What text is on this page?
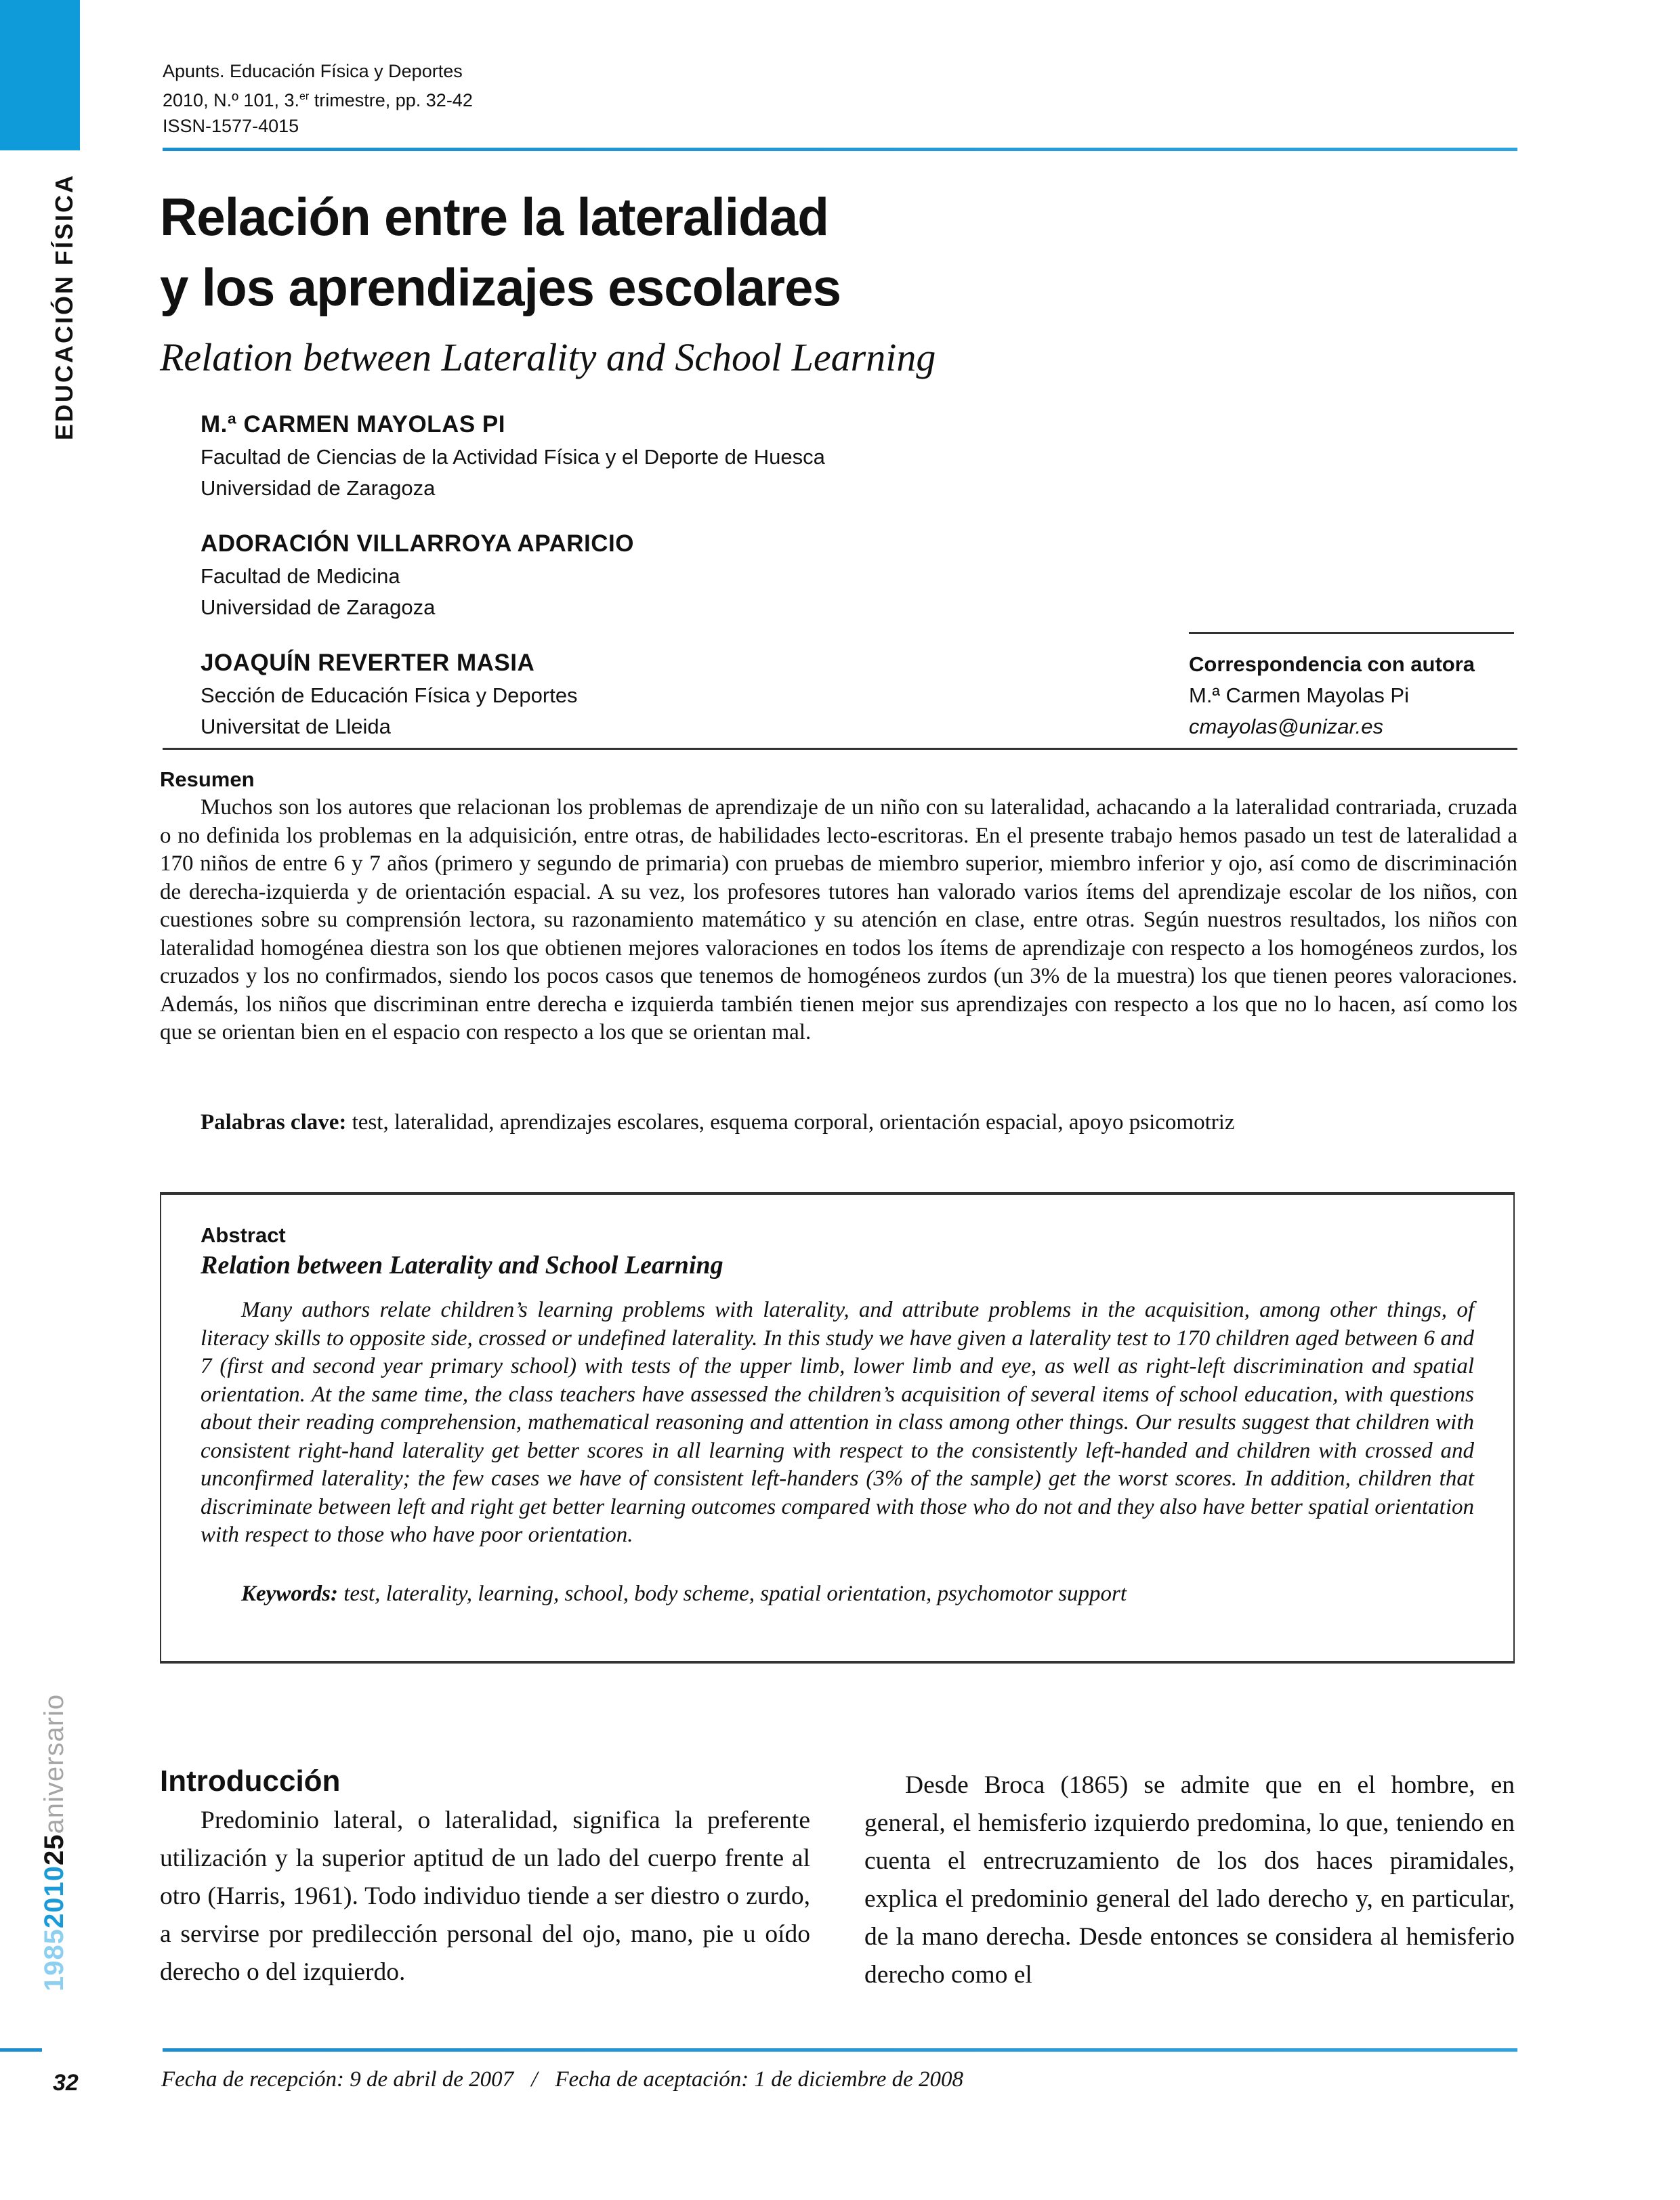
Apunts. Educación Física y Deportes
2010, N.º 101, 3.$^{er}$ trimestre, pp. 32-42
ISSN-1577-4015
EDUCACIÓN FÍSICA Relación entre la lateralidad
y los aprendizajes escolares
Relation between Laterality and School Learning
M.ª CARMEN MAYOLAS PI
Facultad de Ciencias de la Actividad Física y el Deporte de Huesca
Universidad de Zaragoza
ADORACIÓN VILLARROYA APARICIO
Facultad de Medicina
Universidad de Zaragoza
JOAQUÍN REVERTER MASIA
Sección de Educación Física y Deportes
Universitat de Lleida
Correspondencia con autora
M.ª Carmen Mayolas Pi
cmayolas@unizar.es
Resumen

Muchos son los autores que relacionan los problemas de aprendizaje de un niño con su lateralidad, achacando a la lateralidad contrariada, cruzada o no definida los problemas en la adquisición, entre otras, de habilidades lecto-escritoras. En el presente trabajo hemos pasado un test de lateralidad a 170 niños de entre 6 y 7 años (primero y segundo de primaria) con pruebas de miembro superior, miembro inferior y ojo, así como de discriminación de derecha-izquierda y de orientación espacial. A su vez, los profesores tutores han valorado varios ítems del aprendizaje escolar de los niños, con cuestiones sobre su comprensión lectora, su razonamiento matemático y su atención en clase, entre otras. Según nuestros resultados, los niños con lateralidad homogénea diestra son los que obtienen mejores valoraciones en todos los ítems de aprendizaje con respecto a los homogéneos zurdos, los cruzados y los no confirmados, siendo los pocos casos que tenemos de homogéneos zurdos (un 3% de la muestra) los que tienen peores valoraciones. Además, los niños que discriminan entre derecha e izquierda también tienen mejor sus aprendizajes con respecto a los que no lo hacen, así como los que se orientan bien en el espacio con respecto a los que se orientan mal.

Palabras clave: test, lateralidad, aprendizajes escolares, esquema corporal, orientación espacial, apoyo psicomotriz
Abstract
Relation between Laterality and School Learning

Many authors relate children’s learning problems with laterality, and attribute problems in the acquisition, among other things, of literacy skills to opposite side, crossed or undefined laterality. In this study we have given a laterality test to 170 children aged between 6 and 7 (first and second year primary school) with tests of the upper limb, lower limb and eye, as well as right-left discrimination and spatial orientation. At the same time, the class teachers have assessed the children’s acquisition of several items of school education, with questions about their reading comprehension, mathematical reasoning and attention in class among other things. Our results suggest that children with consistent right-hand laterality get better scores in all learning with respect to the consistently left-handed and children with crossed and unconfirmed laterality; the few cases we have of consistent left-handers (3% of the sample) get the worst scores. In addition, children that discriminate between left and right get better learning outcomes compared with those who do not and they also have better spatial orientation with respect to those who have poor orientation.

Keywords: test, laterality, learning, school, body scheme, spatial orientation, psychomotor support
1985201025aniversario	Introducción

Predominio lateral, o lateralidad, significa la preferente utilización y la superior aptitud de un lado del cuerpo frente al otro (Harris, 1961). Todo individuo tiende a ser diestro o zurdo, a servirse por predilección personal del ojo, mano, pie u oído derecho o del izquierdo.

Desde Broca (1865) se admite que en el hombre, en general, el hemisferio izquierdo predomina, lo que, teniendo en cuenta el entrecruzamiento de los dos haces piramidales, explica el predominio general del lado derecho y, en particular, de la mano derecha. Desde entonces se considera al hemisferio derecho como el

32	Fecha de recepción: 9 de abril de 2007 / Fecha de aceptación: 1 de diciembre de 2008
